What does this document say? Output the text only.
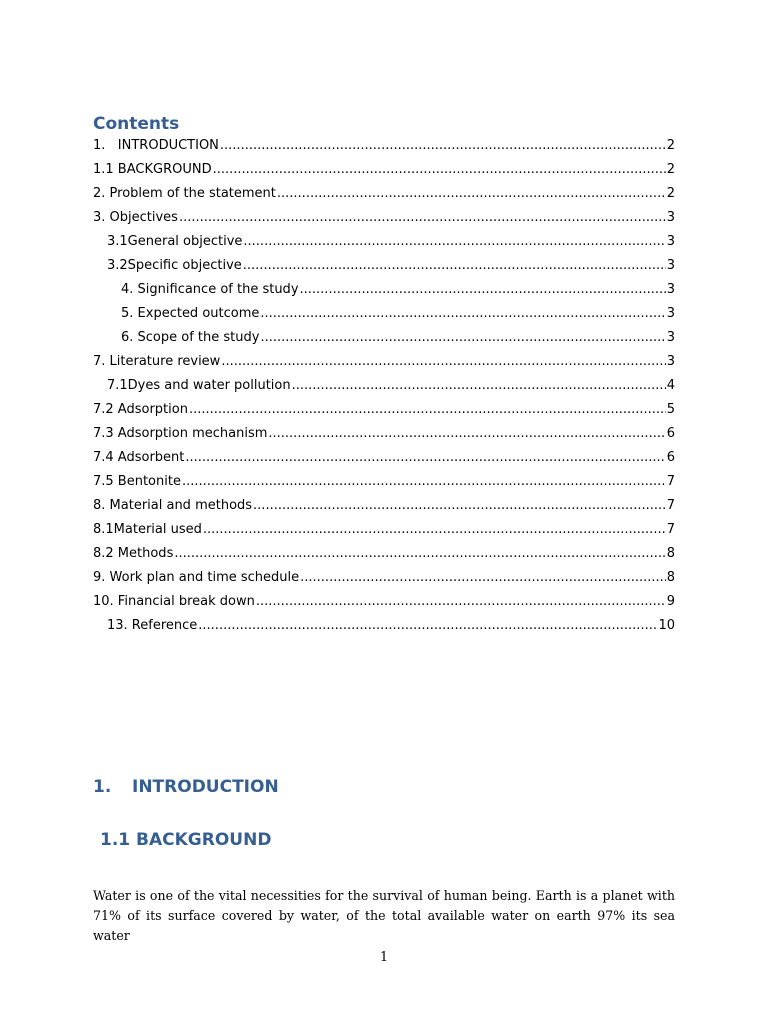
Contents
1.   INTRODUCTION .....	2
1.1 BACKGROUND .....	2
2. Problem of the statement .....	2
3. Objectives .....	3
3.1General objective .....	3
3.2Specific objective .....	3
4. Significance of the study .....	3
5. Expected outcome .....	3
6. Scope of the study .....	3
7. Literature review .....	3
7.1Dyes and water pollution .....	4
7.2 Adsorption .....	5
7.3 Adsorption mechanism .....	6
7.4 Adsorbent .....	6
7.5 Bentonite .....	7
8. Material and methods .....	7
8.1Material used .....	7
8.2 Methods .....	8
9. Work plan and time schedule .....	8
10. Financial break down .....	9
13. Reference .....	10
1. INTRODUCTION
1.1 BACKGROUND
Water is one of the vital necessities for the survival of human being. Earth is a planet with
71% of its surface covered by water, of the total available water on earth 97% its sea water
1
